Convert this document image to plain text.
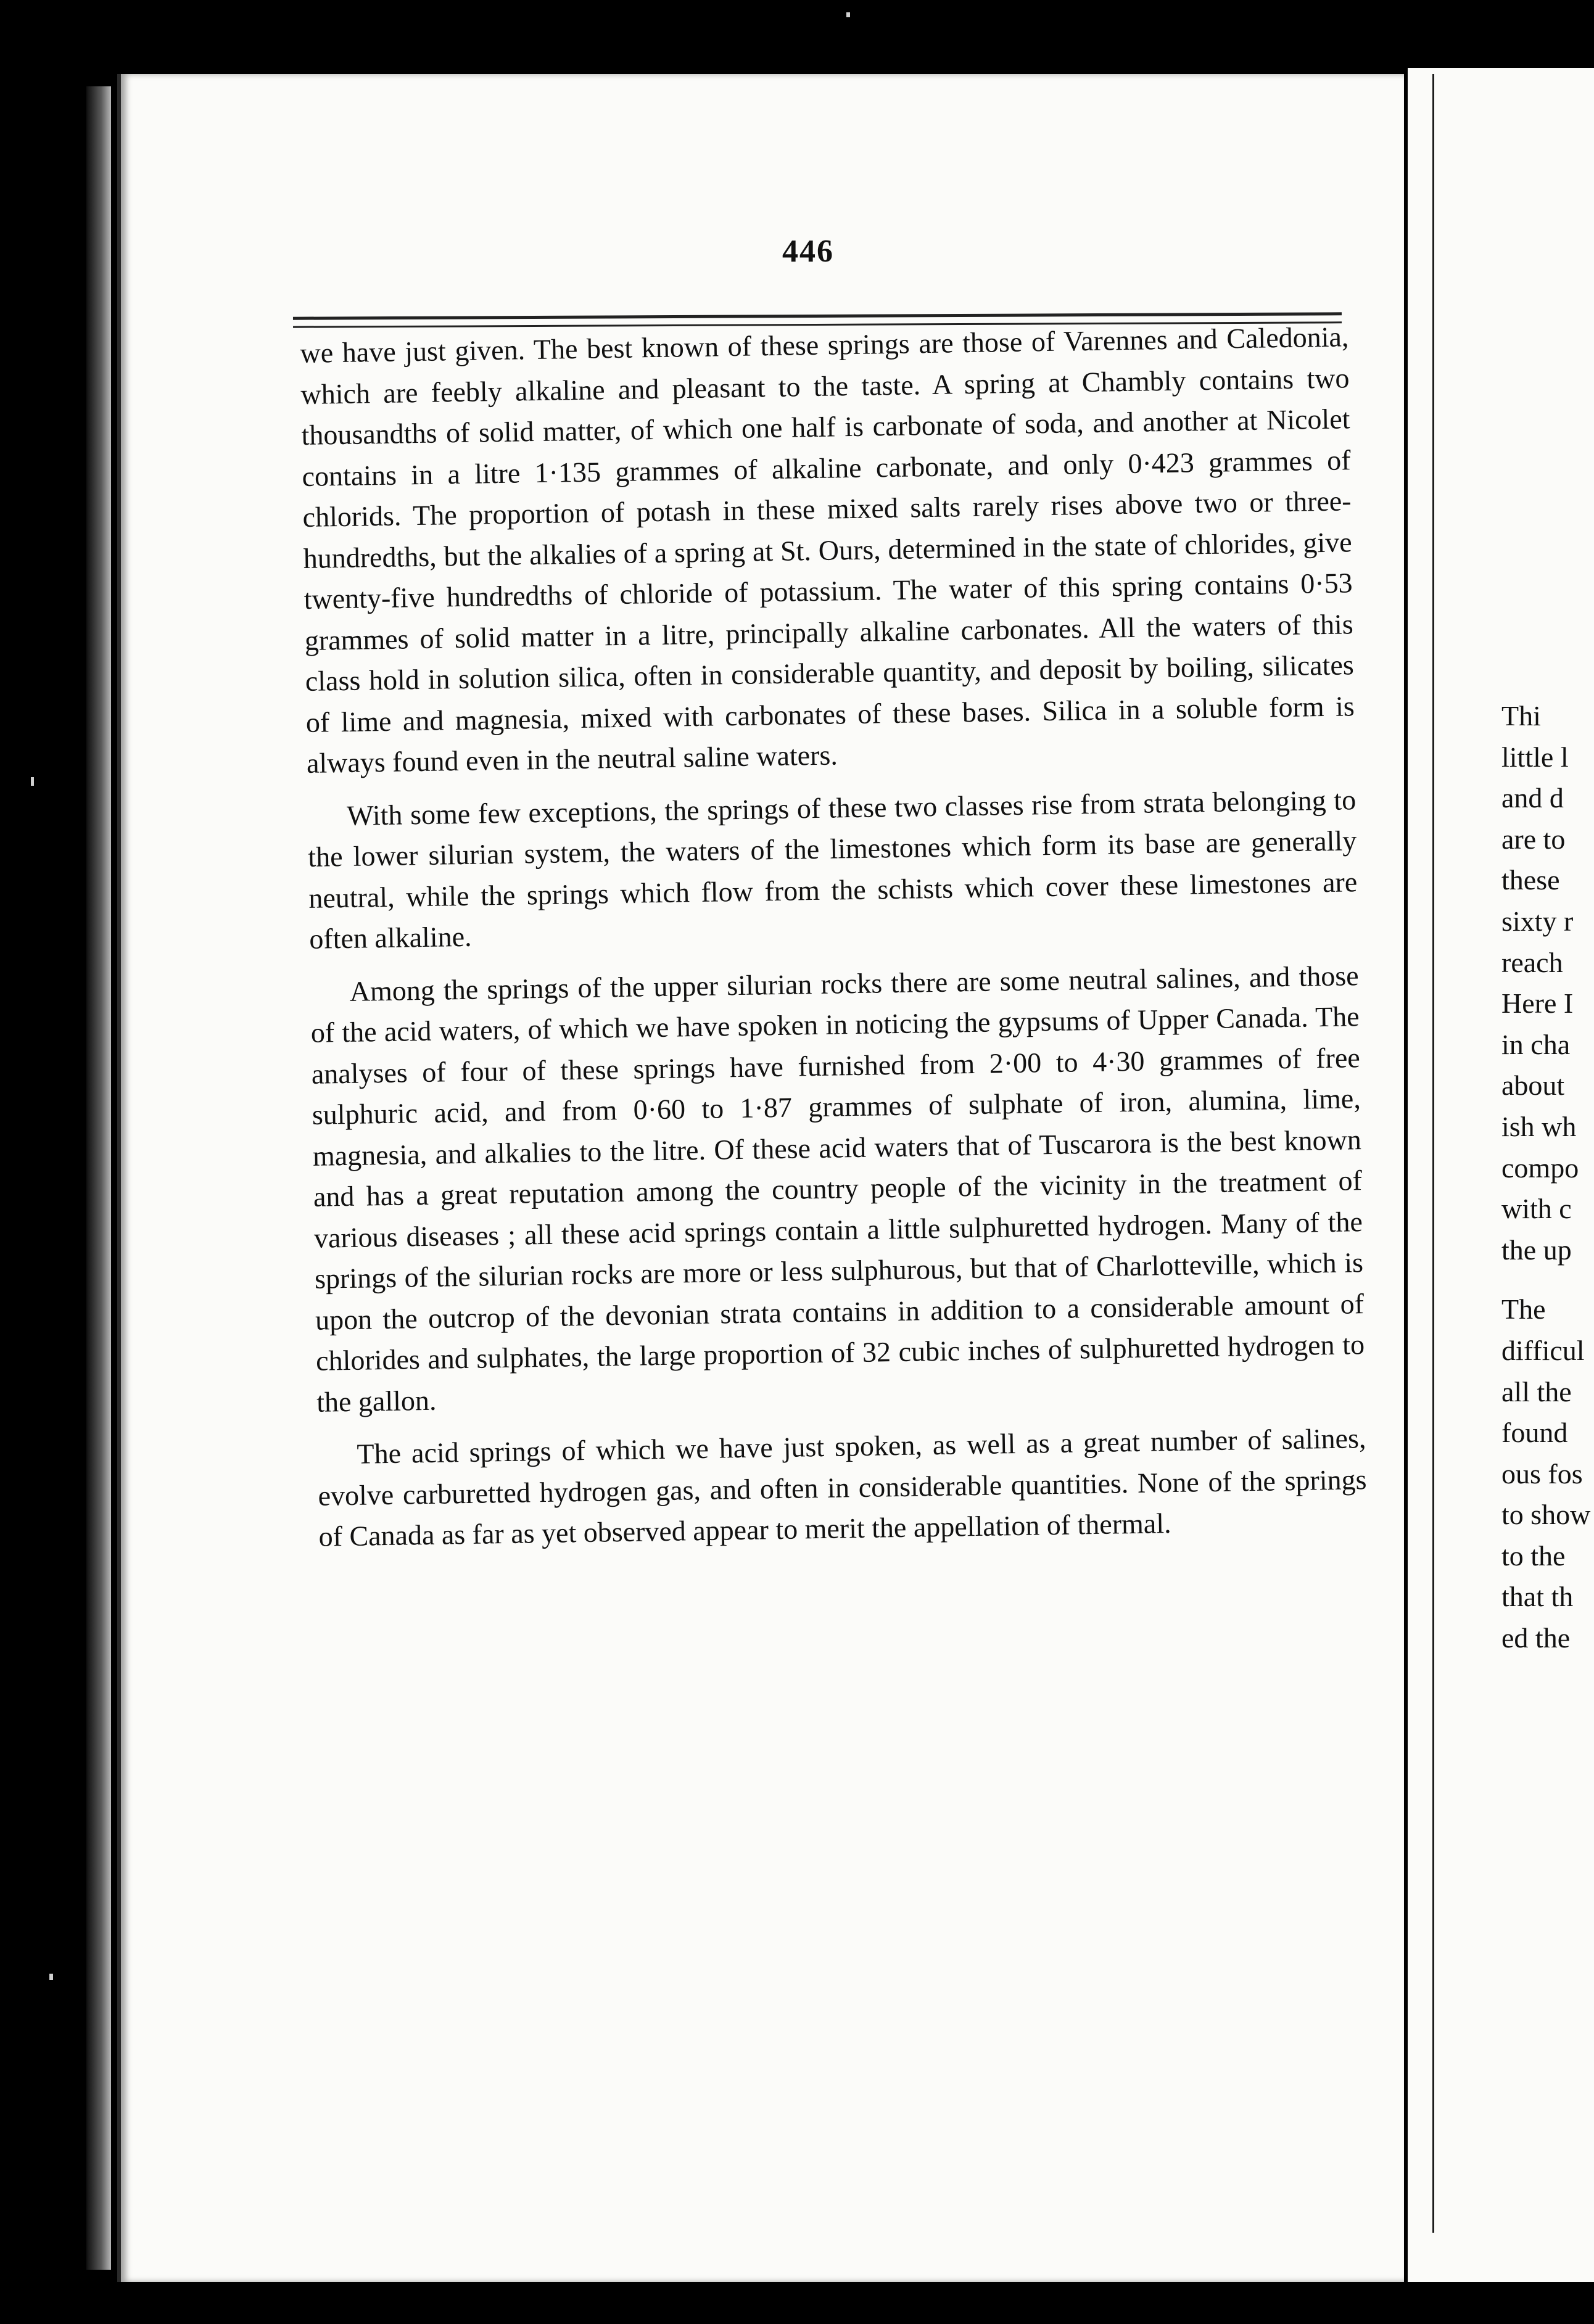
446

we have just given. The best known of these springs are those of Varennes and Caledonia, which are feebly alkaline and pleasant to the taste. A spring at Chambly contains two thousandths of solid matter, of which one half is carbonate of soda, and another at Nicolet contains in a litre 1·135 grammes of alkaline carbonate, and only 0·423 grammes of chlorids. The proportion of potash in these mixed salts rarely rises above two or three-hundredths, but the alkalies of a spring at St. Ours, determined in the state of chlorides, give twenty-five hundredths of chloride of potassium. The water of this spring contains 0·53 grammes of solid matter in a litre, principally alkaline carbonates. All the waters of this class hold in solution silica, often in considerable quantity, and deposit by boiling, silicates of lime and magnesia, mixed with carbonates of these bases. Silica in a soluble form is always found even in the neutral saline waters.

With some few exceptions, the springs of these two classes rise from strata belonging to the lower silurian system, the waters of the limestones which form its base are generally neutral, while the springs which flow from the schists which cover these limestones are often alkaline.

Among the springs of the upper silurian rocks there are some neutral salines, and those of the acid waters, of which we have spoken in noticing the gypsums of Upper Canada. The analyses of four of these springs have furnished from 2·00 to 4·30 grammes of free sulphuric acid, and from 0·60 to 1·87 grammes of sulphate of iron, alumina, lime, magnesia, and alkalies to the litre. Of these acid waters that of Tuscarora is the best known and has a great reputation among the country people of the vicinity in the treatment of various diseases ; all these acid springs contain a little sulphuretted hydrogen. Many of the springs of the silurian rocks are more or less sulphurous, but that of Charlotteville, which is upon the outcrop of the devonian strata contains in addition to a considerable amount of chlorides and sulphates, the large proportion of 32 cubic inches of sulphuretted hydrogen to the gallon.

The acid springs of which we have just spoken, as well as a great number of salines, evolve carburetted hydrogen gas, and often in considerable quantities. None of the springs of Canada as far as yet observed appear to merit the appellation of thermal.

Thi
little l
and d
are to
these
sixty r
reach
Here I
in cha
about
ish wh
compo
with c
the up
The
difficul
all the
found
ous fos
to show
to the
that th
ed the
